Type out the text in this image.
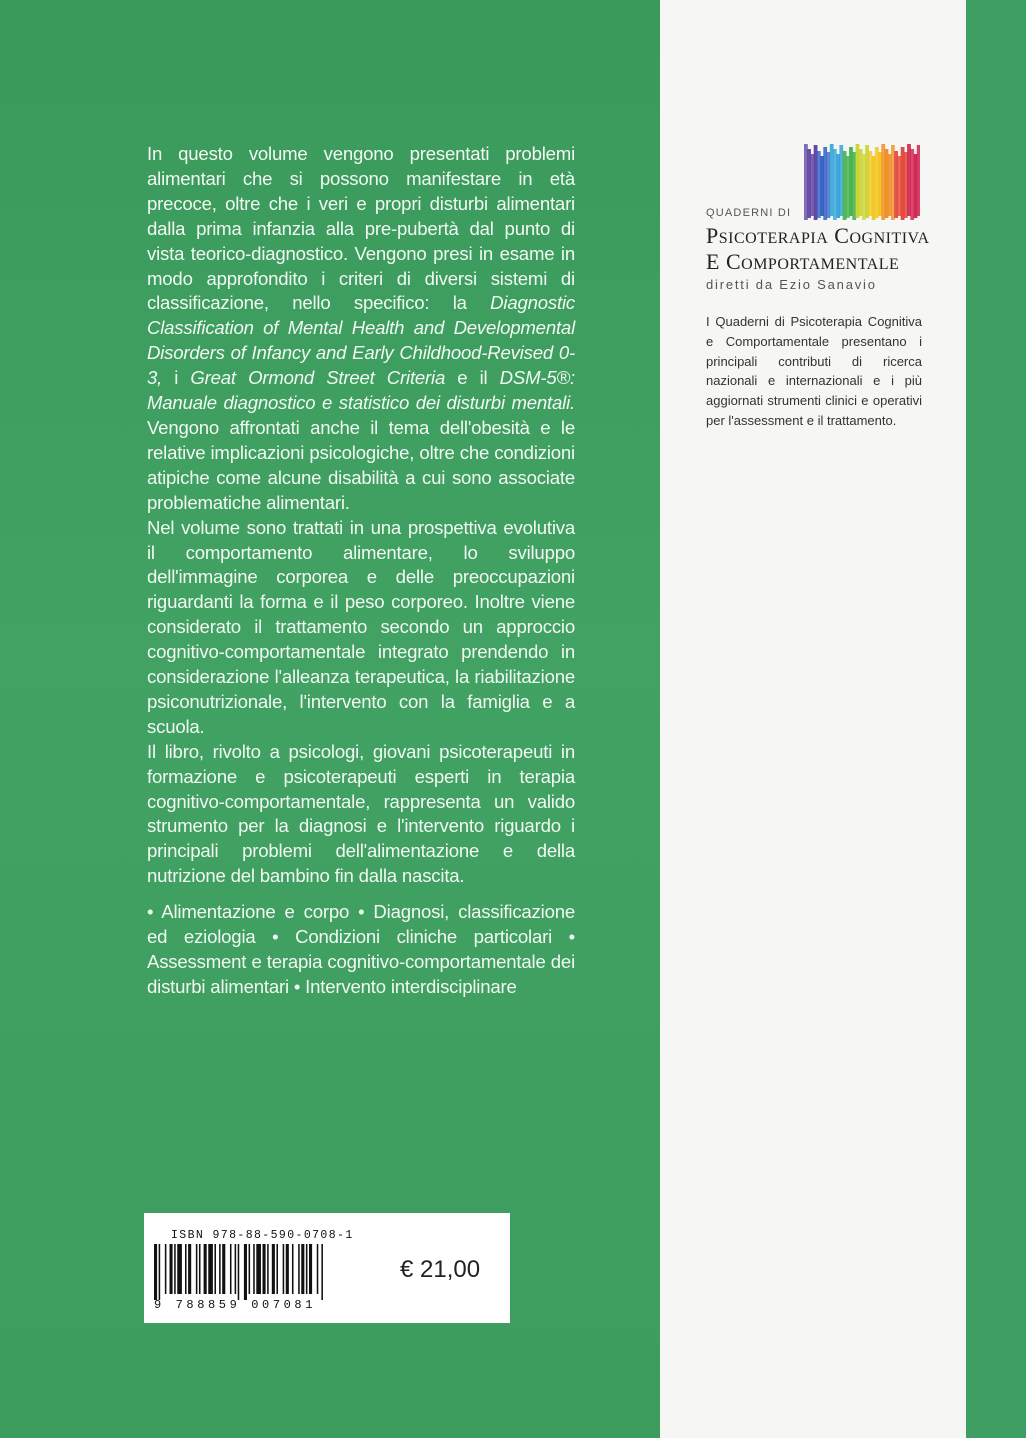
In questo volume vengono presentati problemi alimentari che si possono manifestare in età precoce, oltre che i veri e propri disturbi alimentari dalla prima infanzia alla pre-pubertà dal punto di vista teorico-diagnostico. Vengono presi in esame in modo approfondito i criteri di diversi sistemi di classificazione, nello specifico: la Diagnostic Classification of Mental Health and Developmental Disorders of Infancy and Early Childhood-Revised 0-3, i Great Ormond Street Criteria e il DSM-5®: Manuale diagnostico e statistico dei disturbi mentali. Vengono affrontati anche il tema dell'obesità e le relative implicazioni psicologiche, oltre che condizioni atipiche come alcune disabilità a cui sono associate problematiche alimentari.

Nel volume sono trattati in una prospettiva evolutiva il comportamento alimentare, lo sviluppo dell'immagine corporea e delle preoccupazioni riguardanti la forma e il peso corporeo. Inoltre viene considerato il trattamento secondo un approccio cognitivo-comportamentale integrato prendendo in considerazione l'alleanza terapeutica, la riabilitazione psiconutrizionale, l'intervento con la famiglia e a scuola.

Il libro, rivolto a psicologi, giovani psicoterapeuti in formazione e psicoterapeuti esperti in terapia cognitivo-comportamentale, rappresenta un valido strumento per la diagnosi e l'intervento riguardo i principali problemi dell'alimentazione e della nutrizione del bambino fin dalla nascita.

• Alimentazione e corpo • Diagnosi, classificazione ed eziologia • Condizioni cliniche particolari • Assessment e terapia cognitivo-comportamentale dei disturbi alimentari • Intervento interdisciplinare
QUADERNI DI
PSICOTERAPIA COGNITIVA
E COMPORTAMENTALE
diretti da Ezio Sanavio
I Quaderni di Psicoterapia Cognitiva e Comportamentale presentano i principali contributi di ricerca nazionali e internazionali e i più aggiornati strumenti clinici e operativi per l'assessment e il trattamento.
ISBN 978-88-590-0708-1
9 788859 007081
€ 21,00
